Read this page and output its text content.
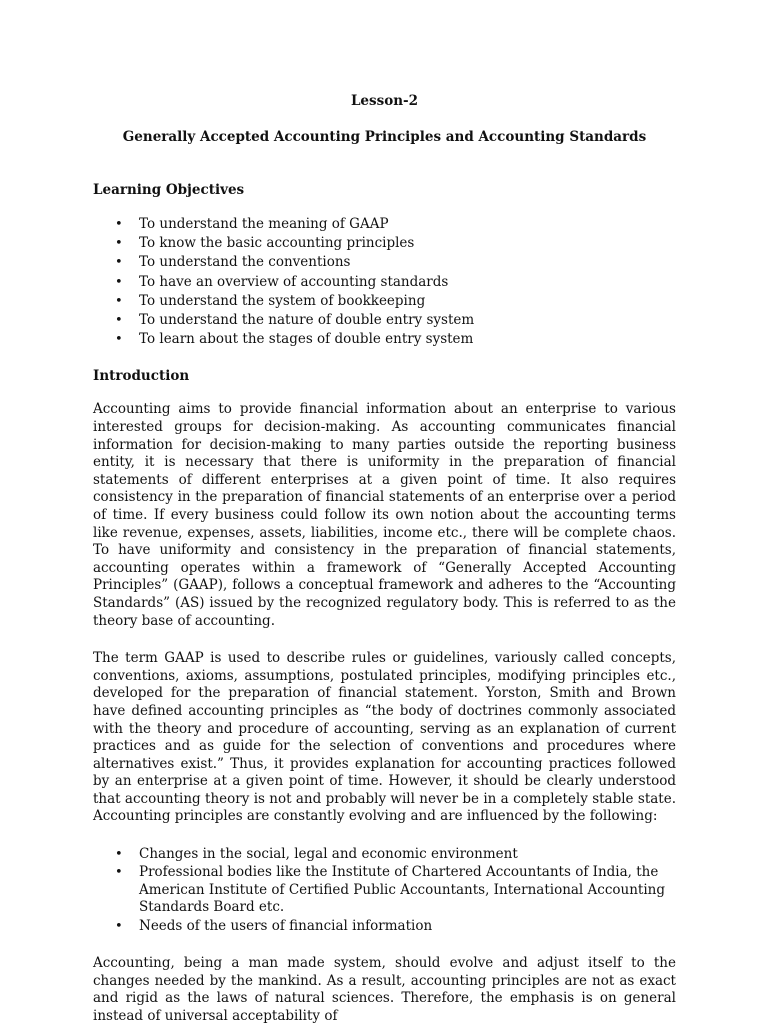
Lesson-2
Generally Accepted Accounting Principles and Accounting Standards
Learning Objectives
• To understand the meaning of GAAP
• To know the basic accounting principles
• To understand the conventions
• To have an overview of accounting standards
• To understand the system of bookkeeping
• To understand the nature of double entry system
• To learn about the stages of double entry system
Introduction

Accounting aims to provide financial information about an enterprise to various interested groups for decision-making. As accounting communicates financial information for decision-making to many parties outside the reporting business entity, it is necessary that there is uniformity in the preparation of financial statements of different enterprises at a given point of time. It also requires consistency in the preparation of financial statements of an enterprise over a period of time. If every business could follow its own notion about the accounting terms like revenue, expenses, assets, liabilities, income etc., there will be complete chaos. To have uniformity and consistency in the preparation of financial statements, accounting operates within a framework of “Generally Accepted Accounting Principles” (GAAP), follows a conceptual framework and adheres to the “Accounting Standards” (AS) issued by the recognized regulatory body. This is referred to as the theory base of accounting.

The term GAAP is used to describe rules or guidelines, variously called concepts, conventions, axioms, assumptions, postulated principles, modifying principles etc., developed for the preparation of financial statement. Yorston, Smith and Brown have defined accounting principles as “the body of doctrines commonly associated with the theory and procedure of accounting, serving as an explanation of current practices and as guide for the selection of conventions and procedures where alternatives exist.” Thus, it provides explanation for accounting practices followed by an enterprise at a given point of time. However, it should be clearly understood that accounting theory is not and probably will never be in a completely stable state. Accounting principles are constantly evolving and are influenced by the following:

• Changes in the social, legal and economic environment
• Professional bodies like the Institute of Chartered Accountants of India, the American Institute of Certified Public Accountants, International Accounting Standards Board etc.
• Needs of the users of financial information

Accounting, being a man made system, should evolve and adjust itself to the changes needed by the mankind. As a result, accounting principles are not as exact and rigid as the laws of natural sciences. Therefore, the emphasis is on general instead of universal acceptability of
